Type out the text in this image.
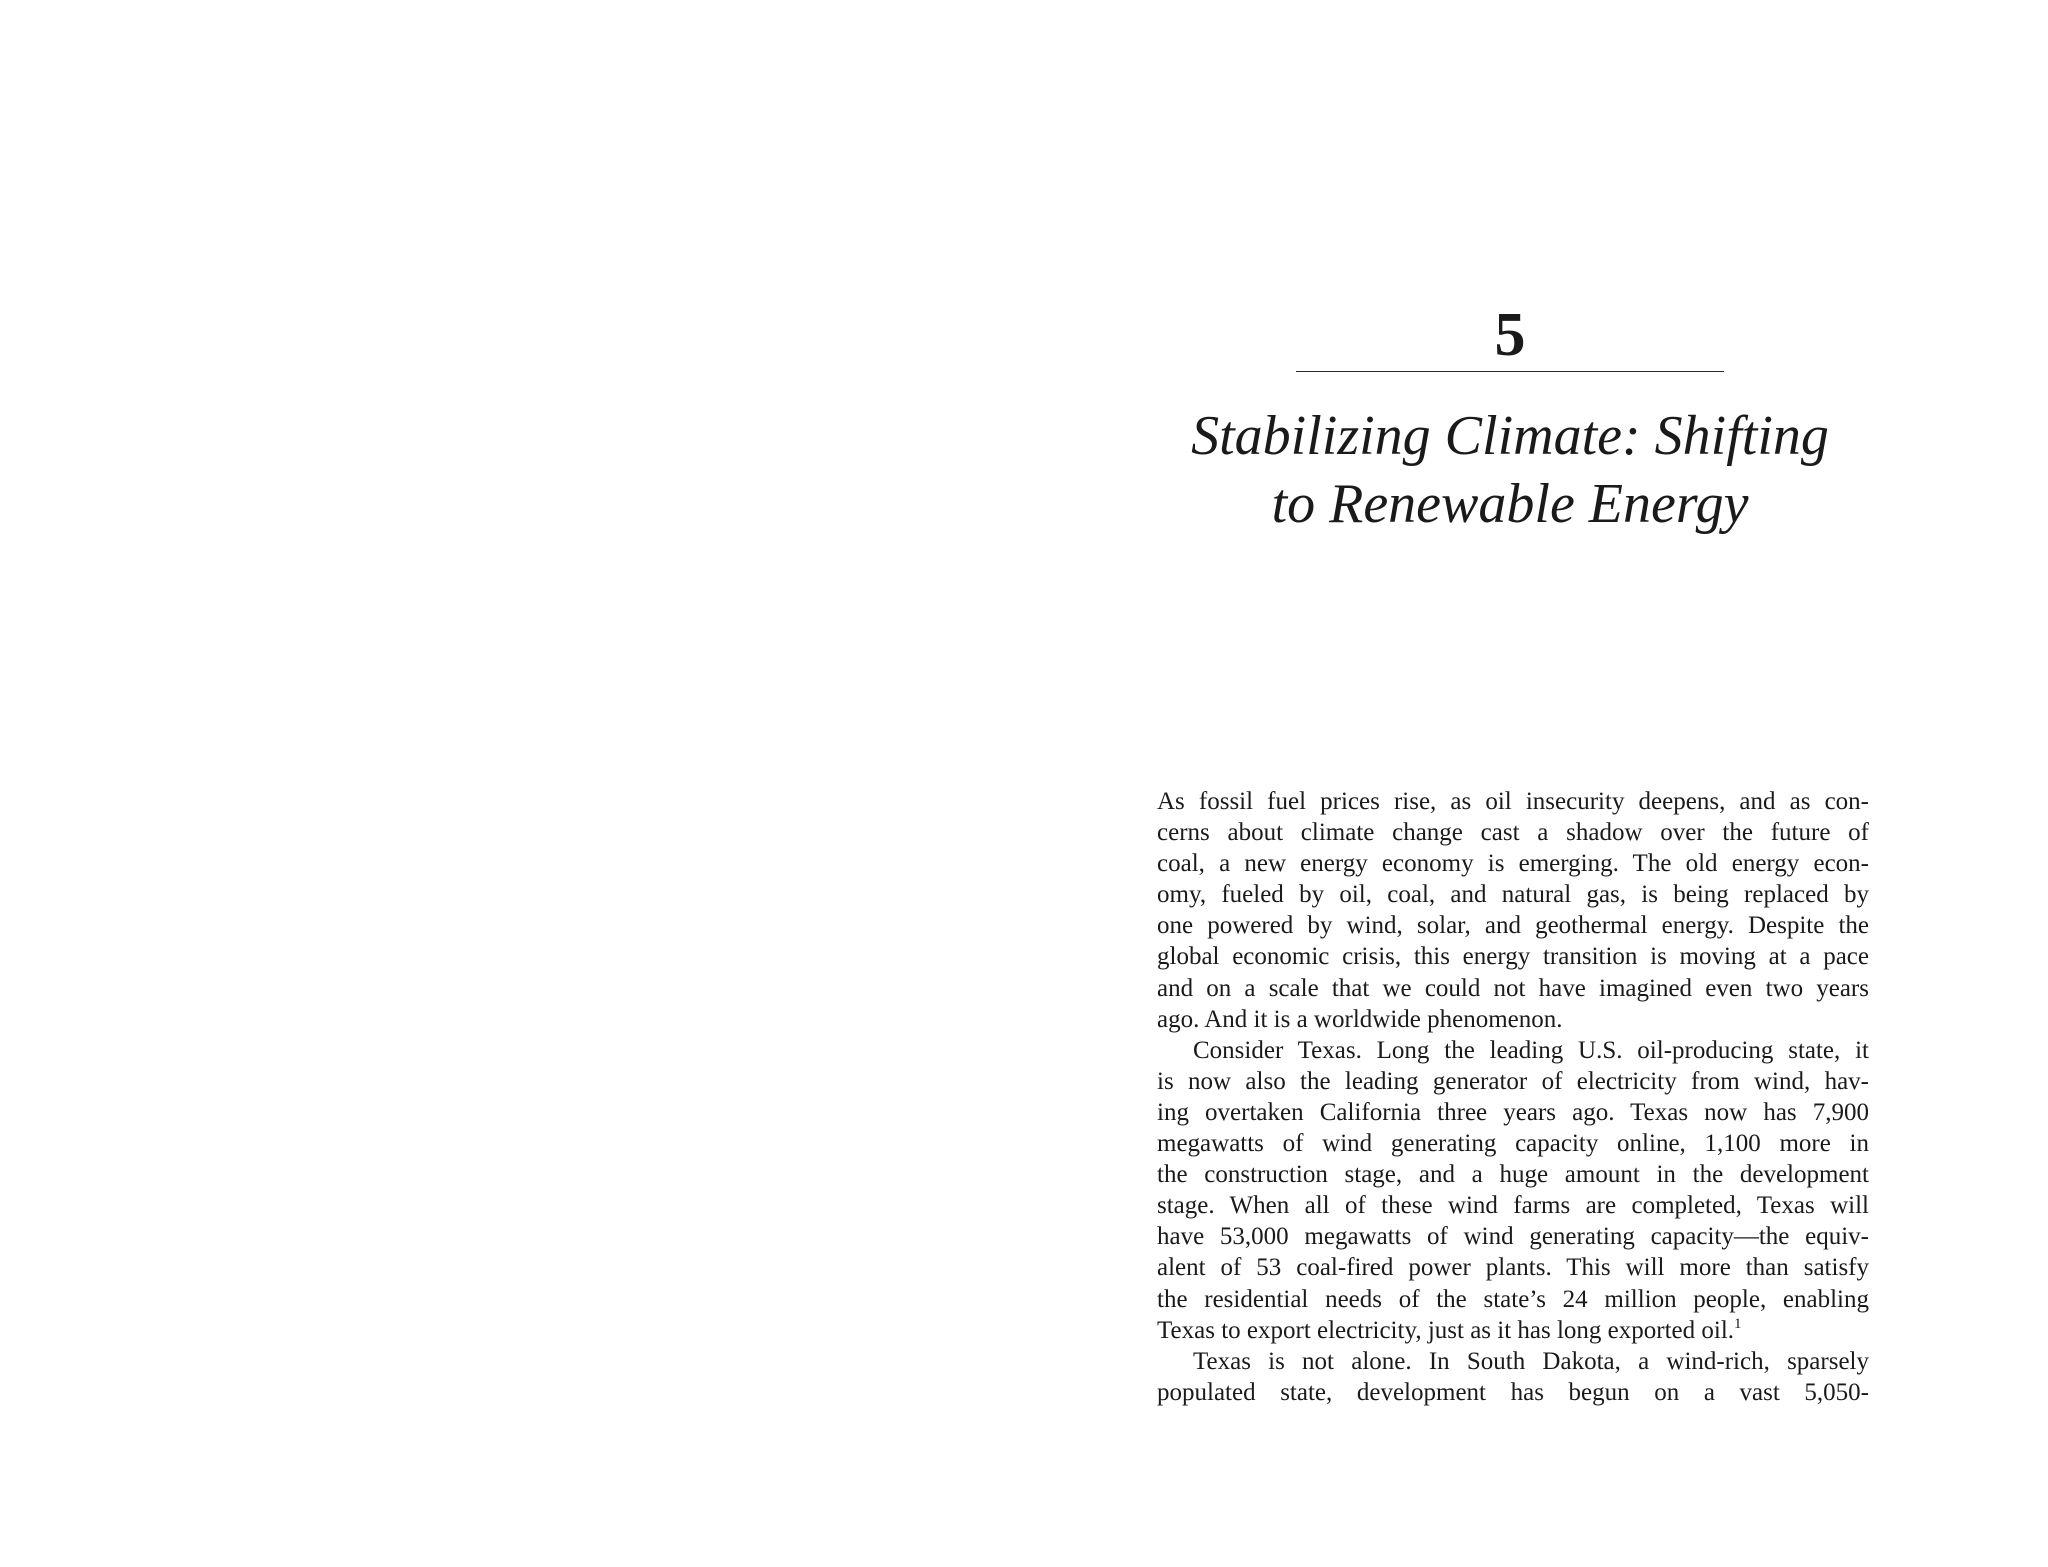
5
Stabilizing Climate: Shifting
to Renewable Energy
As fossil fuel prices rise, as oil insecurity deepens, and as con-
cerns about climate change cast a shadow over the future of
coal, a new energy economy is emerging. The old energy econ-
omy, fueled by oil, coal, and natural gas, is being replaced by
one powered by wind, solar, and geothermal energy. Despite the
global economic crisis, this energy transition is moving at a pace
and on a scale that we could not have imagined even two years
ago. And it is a worldwide phenomenon.
Consider Texas. Long the leading U.S. oil-producing state, it
is now also the leading generator of electricity from wind, hav-
ing overtaken California three years ago. Texas now has 7,900
megawatts of wind generating capacity online, 1,100 more in
the construction stage, and a huge amount in the development
stage. When all of these wind farms are completed, Texas will
have 53,000 megawatts of wind generating capacity—the equiv-
alent of 53 coal-fired power plants. This will more than satisfy
the residential needs of the state’s 24 million people, enabling
Texas to export electricity, just as it has long exported oil.$^1$
Texas is not alone. In South Dakota, a wind-rich, sparsely
populated state, development has begun on a vast 5,050-
